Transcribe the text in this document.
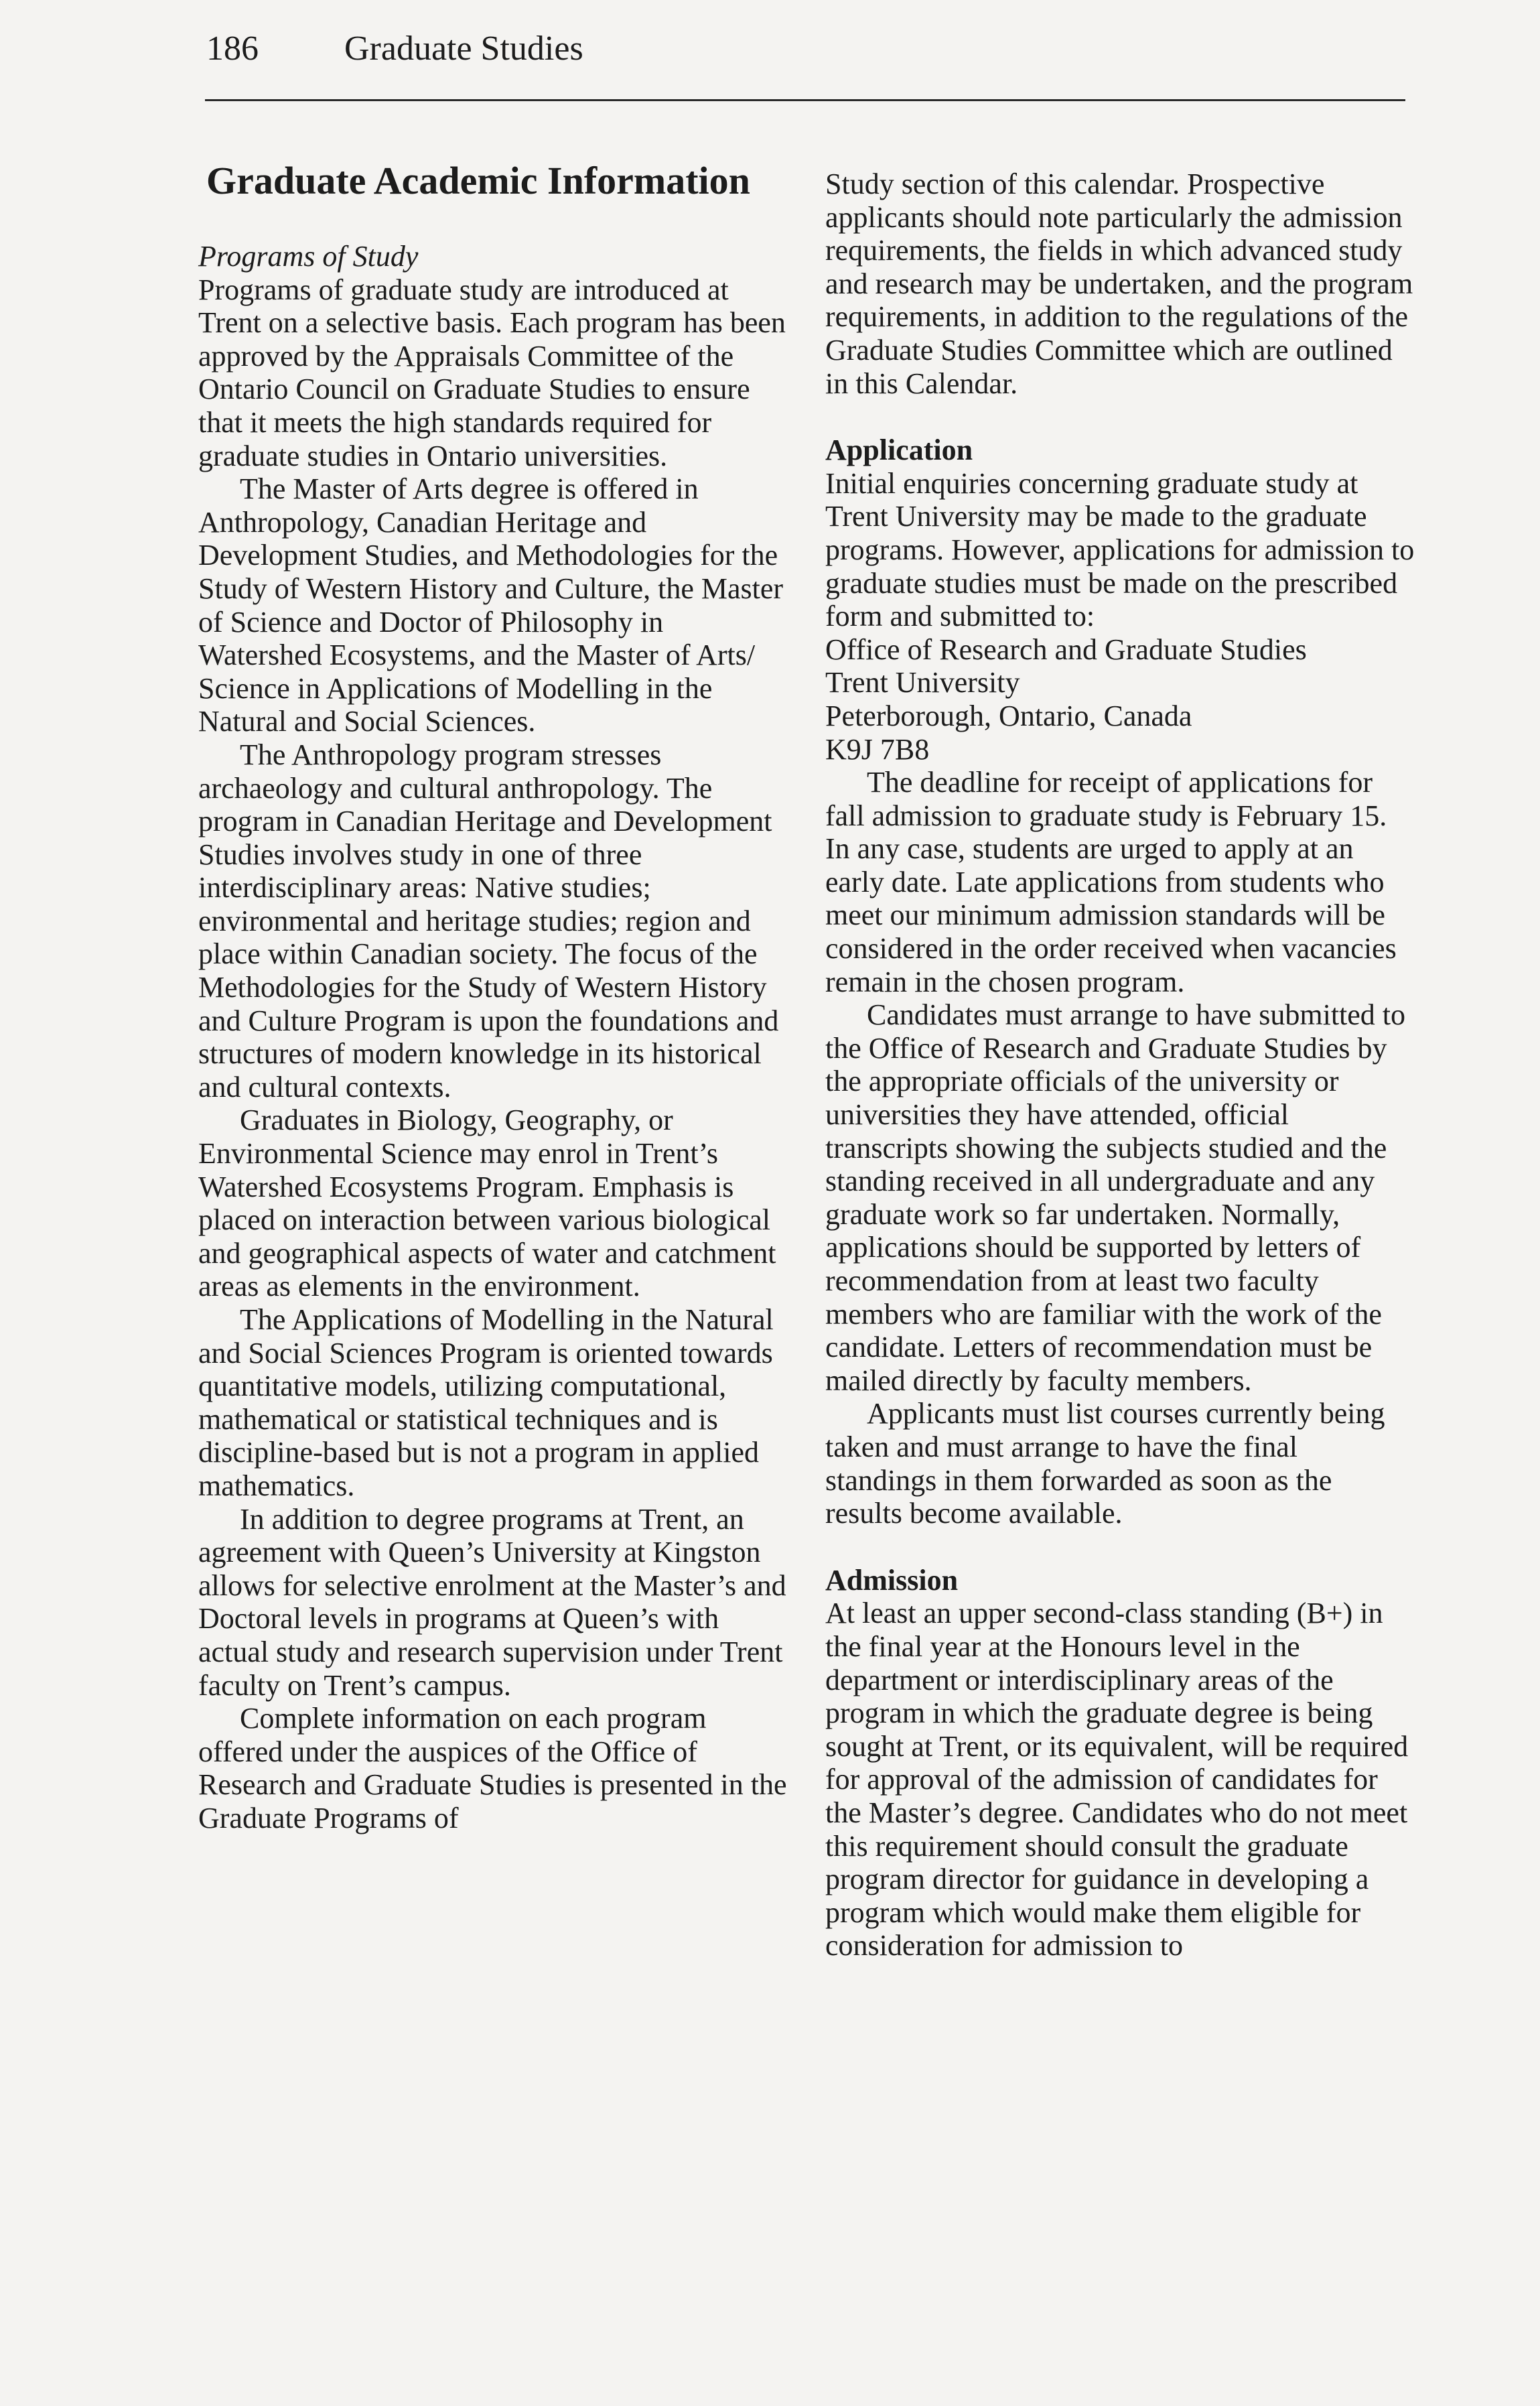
186 Graduate Studies
Graduate Academic Information

Programs of Study

Programs of graduate study are introduced at Trent on a selective basis. Each program has been approved by the Appraisals Committee of the Ontario Council on Graduate Studies to ensure that it meets the high standards required for graduate studies in Ontario universities.

The Master of Arts degree is offered in Anthropology, Canadian Heritage and Development Studies, and Methodologies for the Study of Western History and Culture, the Master of Science and Doctor of Philosophy in Watershed Ecosystems, and the Master of Arts/ Science in Applications of Modelling in the Natural and Social Sciences.

The Anthropology program stresses archaeology and cultural anthropology. The program in Canadian Heritage and Development Studies involves study in one of three interdisciplinary areas: Native studies; environmental and heritage studies; region and place within Canadian society. The focus of the Methodologies for the Study of Western History and Culture Program is upon the foundations and structures of modern knowledge in its historical and cultural contexts.

Graduates in Biology, Geography, or Environmental Science may enrol in Trent’s Watershed Ecosystems Program. Emphasis is placed on interaction between various biological and geographical aspects of water and catchment areas as elements in the environment.

The Applications of Modelling in the Natural and Social Sciences Program is oriented towards quantitative models, utilizing computational, mathematical or statistical techniques and is discipline-based but is not a program in applied mathematics.

In addition to degree programs at Trent, an agreement with Queen’s University at Kingston allows for selective enrolment at the Master’s and Doctoral levels in programs at Queen’s with actual study and research supervision under Trent faculty on Trent’s campus.

Complete information on each program offered under the auspices of the Office of Research and Graduate Studies is presented in the Graduate Programs of

Study section of this calendar. Prospective applicants should note particularly the admission requirements, the fields in which advanced study and research may be undertaken, and the program requirements, in addition to the regulations of the Graduate Studies Committee which are outlined in this Calendar.

Application

Initial enquiries concerning graduate study at Trent University may be made to the graduate programs. However, applications for admission to graduate studies must be made on the prescribed form and submitted to:

Office of Research and Graduate Studies

Trent University

Peterborough, Ontario, Canada

K9J 7B8

The deadline for receipt of applications for fall admission to graduate study is February 15. In any case, students are urged to apply at an early date. Late applications from students who meet our minimum admission standards will be considered in the order received when vacancies remain in the chosen program.

Candidates must arrange to have submitted to the Office of Research and Graduate Studies by the appropriate officials of the university or universities they have attended, official transcripts showing the subjects studied and the standing received in all undergraduate and any graduate work so far undertaken. Normally, applications should be supported by letters of recommendation from at least two faculty members who are familiar with the work of the candidate. Letters of recommendation must be mailed directly by faculty members.

Applicants must list courses currently being taken and must arrange to have the final standings in them forwarded as soon as the results become available.

Admission

At least an upper second-class standing (B+) in the final year at the Honours level in the department or interdisciplinary areas of the program in which the graduate degree is being sought at Trent, or its equivalent, will be required for approval of the admission of candidates for the Master’s degree. Candidates who do not meet this requirement should consult the graduate program director for guidance in developing a program which would make them eligible for consideration for admission to
